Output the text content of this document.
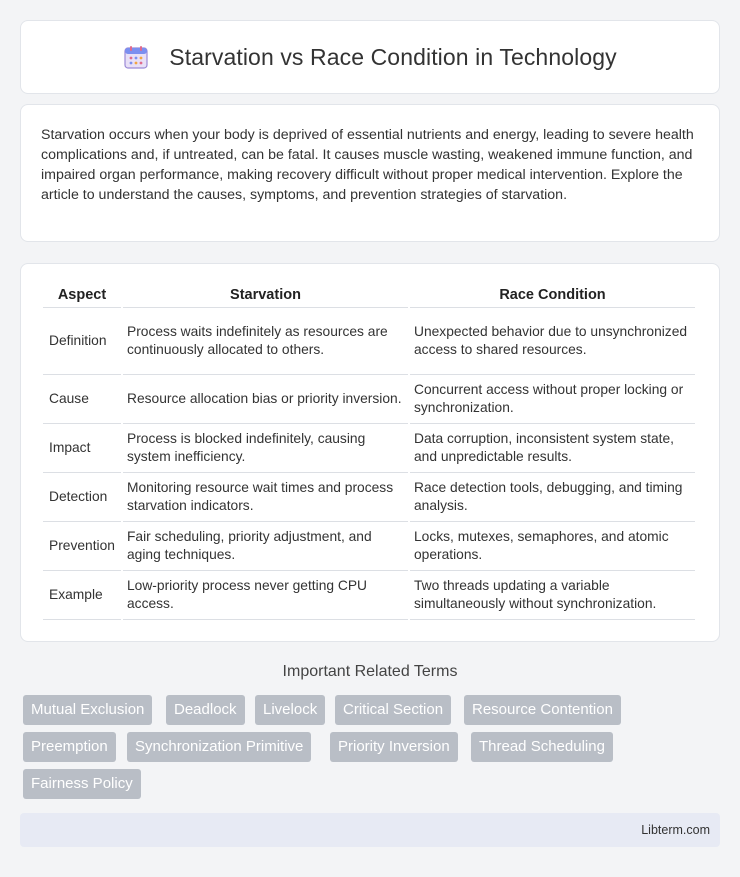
Starvation vs Race Condition in Technology

Starvation occurs when your body is deprived of essential nutrients and energy, leading to severe health complications and, if untreated, can be fatal. It causes muscle wasting, weakened immune function, and impaired organ performance, making recovery difficult without proper medical intervention. Explore the article to understand the causes, symptoms, and prevention strategies of starvation.

Aspect	Starvation	Race Condition
Definition	Process waits indefinitely as resources are continuously allocated to others.	Unexpected behavior due to unsynchronized access to shared resources.
Cause	Resource allocation bias or priority inversion.	Concurrent access without proper locking or synchronization.
Impact	Process is blocked indefinitely, causing system inefficiency.	Data corruption, inconsistent system state, and unpredictable results.
Detection	Monitoring resource wait times and process starvation indicators.	Race detection tools, debugging, and timing analysis.
Prevention	Fair scheduling, priority adjustment, and aging techniques.	Locks, mutexes, semaphores, and atomic operations.
Example	Low-priority process never getting CPU access.	Two threads updating a variable simultaneously without synchronization.
Important Related Terms
Mutual Exclusion	Deadlock	Livelock	Critical Section	Resource Contention
Preemption	Synchronization Primitive	Priority Inversion	Thread Scheduling
Fairness Policy
Libterm.com
